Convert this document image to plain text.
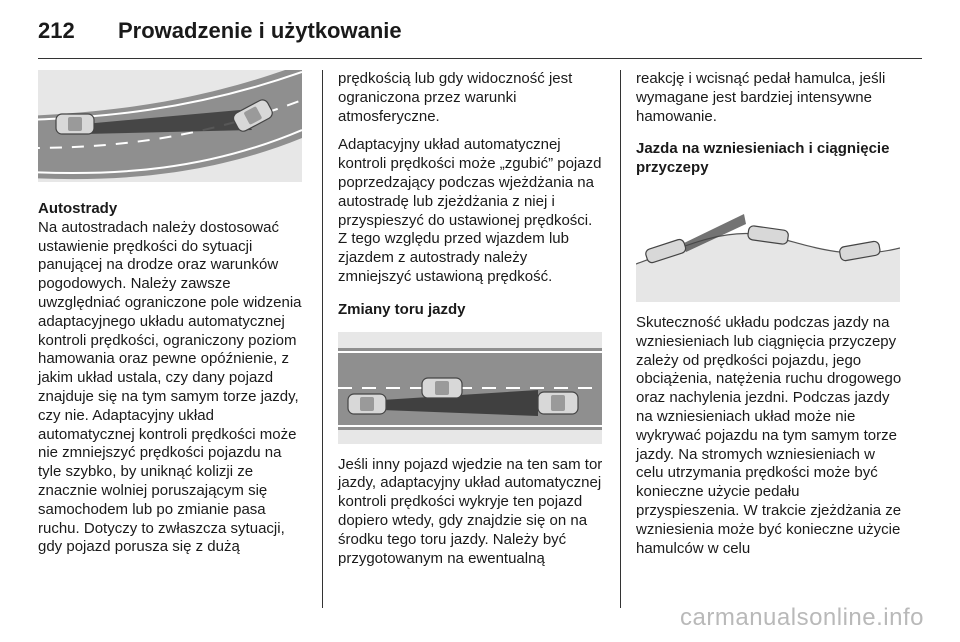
212 Prowadzenie i użytkowanie

Autostrady

Na autostradach należy dostosować ustawienie prędkości do sytuacji panującej na drodze oraz warunków pogodowych. Należy zawsze uwzględniać ograniczone pole widzenia adaptacyjnego układu automatycznej kontroli prędkości, ograniczony poziom hamowania oraz pewne opóźnienie, z jakim układ ustala, czy dany pojazd znajduje się na tym samym torze jazdy, czy nie. Adaptacyjny układ automatycznej kontroli prędkości może nie zmniejszyć prędkości pojazdu na tyle szybko, by uniknąć kolizji ze znacznie wolniej poruszającym się samochodem lub po zmianie pasa ruchu. Dotyczy to zwłaszcza sytuacji, gdy pojazd porusza się z dużą

prędkością lub gdy widoczność jest ograniczona przez warunki atmosferyczne.

Adaptacyjny układ automatycznej kontroli prędkości może „zgubić” pojazd poprzedzający podczas wjeżdżania na autostradę lub zjeżdżania z niej i przyspieszyć do ustawionej prędkości. Z tego względu przed wjazdem lub zjazdem z autostrady należy zmniejszyć ustawioną prędkość.

Zmiany toru jazdy

Jeśli inny pojazd wjedzie na ten sam tor jazdy, adaptacyjny układ automatycznej kontroli prędkości wykryje ten pojazd dopiero wtedy, gdy znajdzie się on na środku tego toru jazdy. Należy być przygotowanym na ewentualną

reakcję i wcisnąć pedał hamulca, jeśli wymagane jest bardziej intensywne hamowanie.

Jazda na wzniesieniach i ciągnięcie przyczepy

Skuteczność układu podczas jazdy na wzniesieniach lub ciągnięcia przyczepy zależy od prędkości pojazdu, jego obciążenia, natężenia ruchu drogowego oraz nachylenia jezdni. Podczas jazdy na wzniesieniach układ może nie wykrywać pojazdu na tym samym torze jazdy. Na stromych wzniesieniach w celu utrzymania prędkości może być konieczne użycie pedału przyspieszenia. W trakcie zjeżdżania ze wzniesienia może być konieczne użycie hamulców w celu

carmanualsonline.info
